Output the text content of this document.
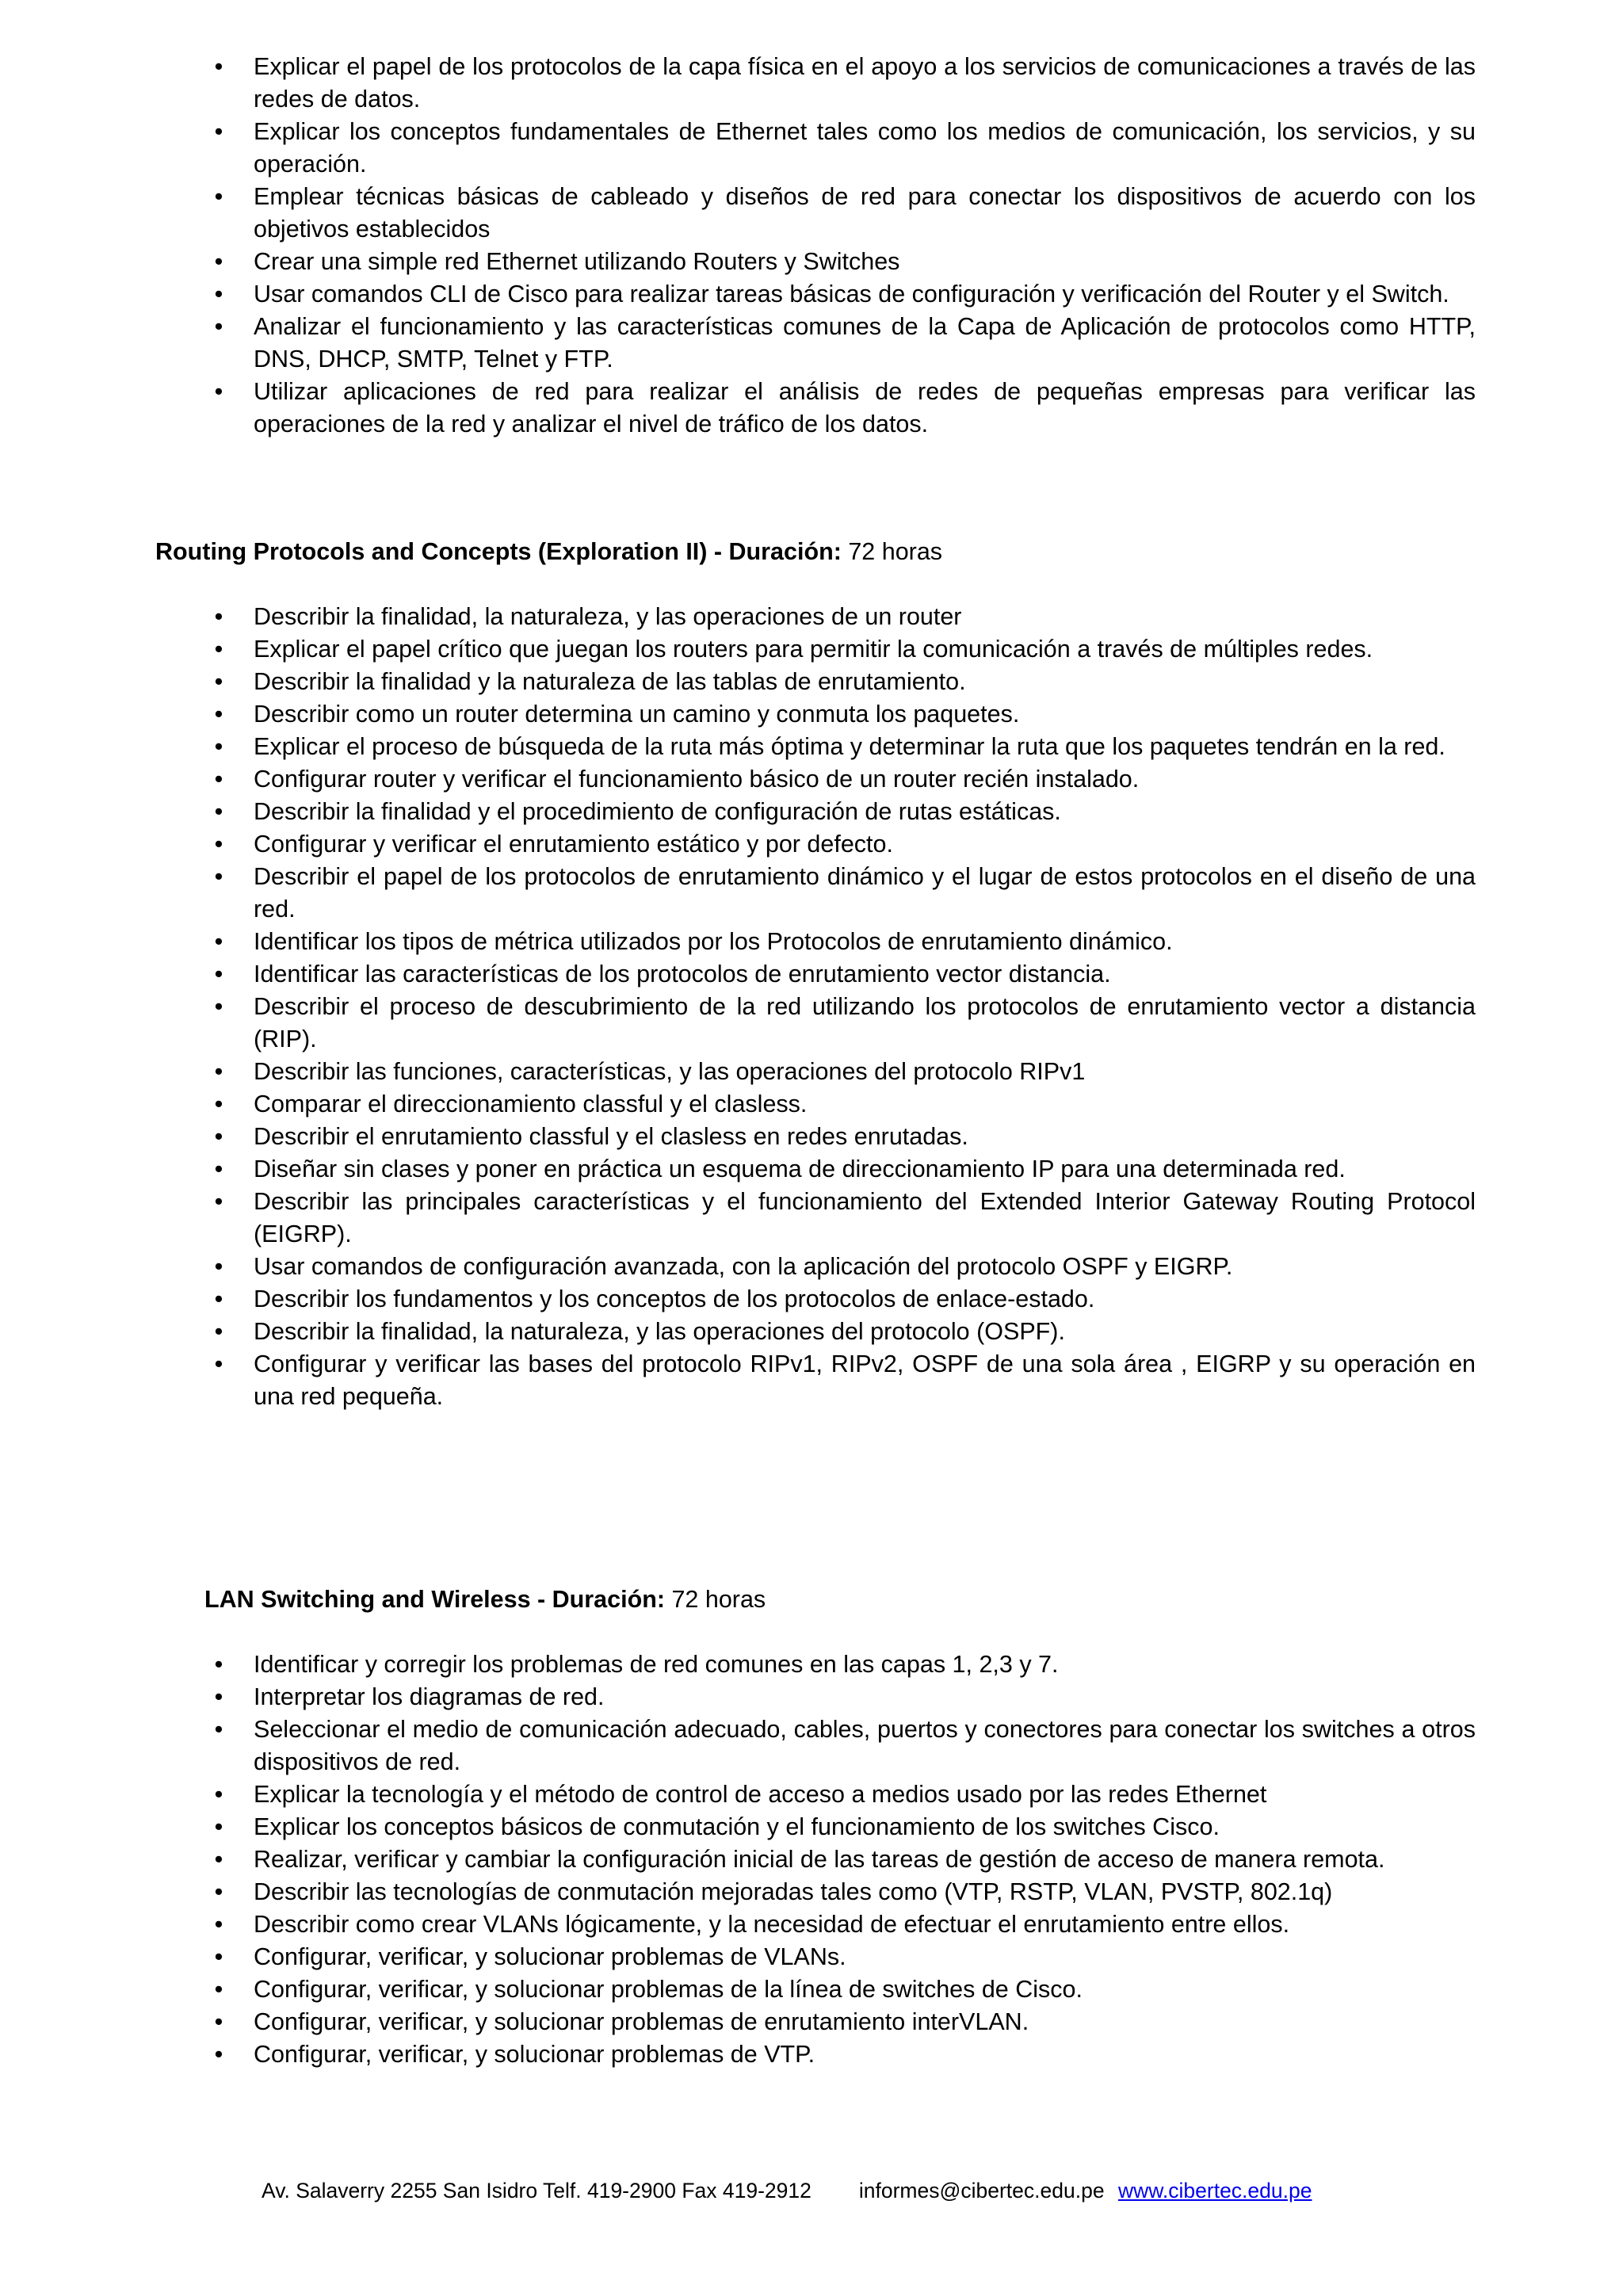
• Explicar el papel de los protocolos de la capa física en el apoyo a los servicios de comunicaciones a través de las redes de datos.
• Explicar los conceptos fundamentales de Ethernet tales como los medios de comunicación, los servicios, y su operación.
• Emplear técnicas básicas de cableado y diseños de red para conectar los dispositivos de acuerdo con los objetivos establecidos
• Crear una simple red Ethernet utilizando Routers y Switches
• Usar comandos CLI de Cisco para realizar tareas básicas de configuración y verificación del Router y el Switch.
• Analizar el funcionamiento y las características comunes de la Capa de Aplicación de protocolos como HTTP, DNS, DHCP, SMTP, Telnet y FTP.
• Utilizar aplicaciones de red para realizar el análisis de redes de pequeñas empresas para verificar las operaciones de la red y analizar el nivel de tráfico de los datos.
Routing Protocols and Concepts (Exploration II) - Duración: 72 horas
• Describir la finalidad, la naturaleza, y las operaciones de un router
• Explicar el papel crítico que juegan los routers para permitir la comunicación a través de múltiples redes.
• Describir la finalidad y la naturaleza de las tablas de enrutamiento.
• Describir como un router determina un camino y conmuta los paquetes.
• Explicar el proceso de búsqueda de la ruta más óptima y determinar la ruta que los paquetes tendrán en la red.
• Configurar router y verificar el funcionamiento básico de un router recién instalado.
• Describir la finalidad y el procedimiento de configuración de rutas estáticas.
• Configurar y verificar el enrutamiento estático y por defecto.
• Describir el papel de los protocolos de enrutamiento dinámico y el lugar de estos protocolos en el diseño de una red.
• Identificar los tipos de métrica utilizados por los Protocolos de enrutamiento dinámico.
• Identificar las características de los protocolos de enrutamiento vector distancia.
• Describir el proceso de descubrimiento de la red utilizando los protocolos de enrutamiento vector a distancia (RIP).
• Describir las funciones, características, y las operaciones del protocolo RIPv1
• Comparar el direccionamiento classful y el clasless.
• Describir el enrutamiento classful y el clasless en redes enrutadas.
• Diseñar sin clases y poner en práctica un esquema de direccionamiento IP para una determinada red.
• Describir las principales características y el funcionamiento del Extended Interior Gateway Routing Protocol (EIGRP).
• Usar comandos de configuración avanzada, con la aplicación del protocolo OSPF y EIGRP.
• Describir los fundamentos y los conceptos de los protocolos de enlace-estado.
• Describir la finalidad, la naturaleza, y las operaciones del protocolo (OSPF).
• Configurar y verificar las bases del protocolo RIPv1, RIPv2, OSPF de una sola área , EIGRP y su operación en una red pequeña.
LAN Switching and Wireless - Duración: 72 horas
• Identificar y corregir los problemas de red comunes en las capas 1, 2,3 y 7.
• Interpretar los diagramas de red.
• Seleccionar el medio de comunicación adecuado, cables, puertos y conectores para conectar los switches a otros dispositivos de red.
• Explicar la tecnología y el método de control de acceso a medios usado por las redes Ethernet
• Explicar los conceptos básicos de conmutación y el funcionamiento de los switches Cisco.
• Realizar, verificar y cambiar la configuración inicial de las tareas de gestión de acceso de manera remota.
• Describir las tecnologías de conmutación mejoradas tales como (VTP, RSTP, VLAN, PVSTP, 802.1q)
• Describir como crear VLANs lógicamente, y la necesidad de efectuar el enrutamiento entre ellos.
• Configurar, verificar, y solucionar problemas de VLANs.
• Configurar, verificar, y solucionar problemas de la línea de switches de Cisco.
• Configurar, verificar, y solucionar problemas de enrutamiento interVLAN.
• Configurar, verificar, y solucionar problemas de VTP.
Av. Salaverry 2255 San Isidro Telf. 419-2900 Fax 419-2912 informes@cibertec.edu.pe www.cibertec.edu.pe
